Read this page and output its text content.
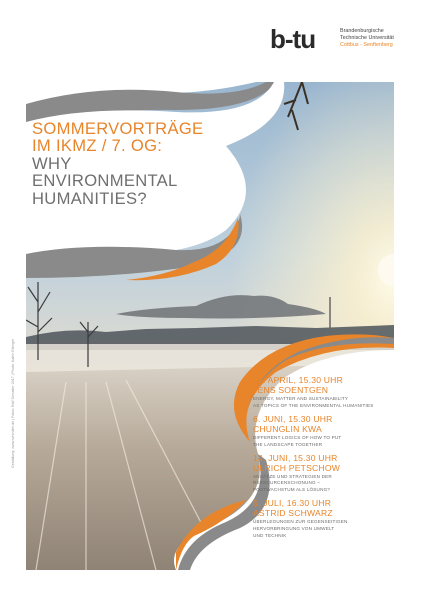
b-tu	Brandenburgische
Technische Universität
Cottbus - Senftenberg
SOMMERVORTRÄGE
IM IKMZ / 7. OG:
WHY
ENVIRONMENTAL
HUMANITIES?
12. APRIL, 15.30 UHR
JENS SOENTGEN
ENERGY, MATTER AND SUSTAINABILITY
AS TOPICS OF THE ENVIRONMENTAL HUMANITIES
6. JUNI, 15.30 UHR
CHUNGLIN KWA
DIFFERENT LOGICS OF HOW TO PUT
THE LANDSCAPE TOGETHER
14. JUNI, 15.30 UHR
ULRICH PETSCHOW
ANSÄTZE UND STRATEGIEN DER RESSOURCENSCHONUNG –
POSTWACHSTUM ALS LÖSUNG?
5. JULI, 16.30 UHR
ASTRID SCHWARZ
ÜBERLEGUNGEN ZUR GEGENSEITIGEN
HERVORBRINGUNG VON UMWELT
UND TECHNIK
Gestaltung: www.schindler.de | Fotos: Ralf Schuster 2017 | Photo: Katrin Elsinger
